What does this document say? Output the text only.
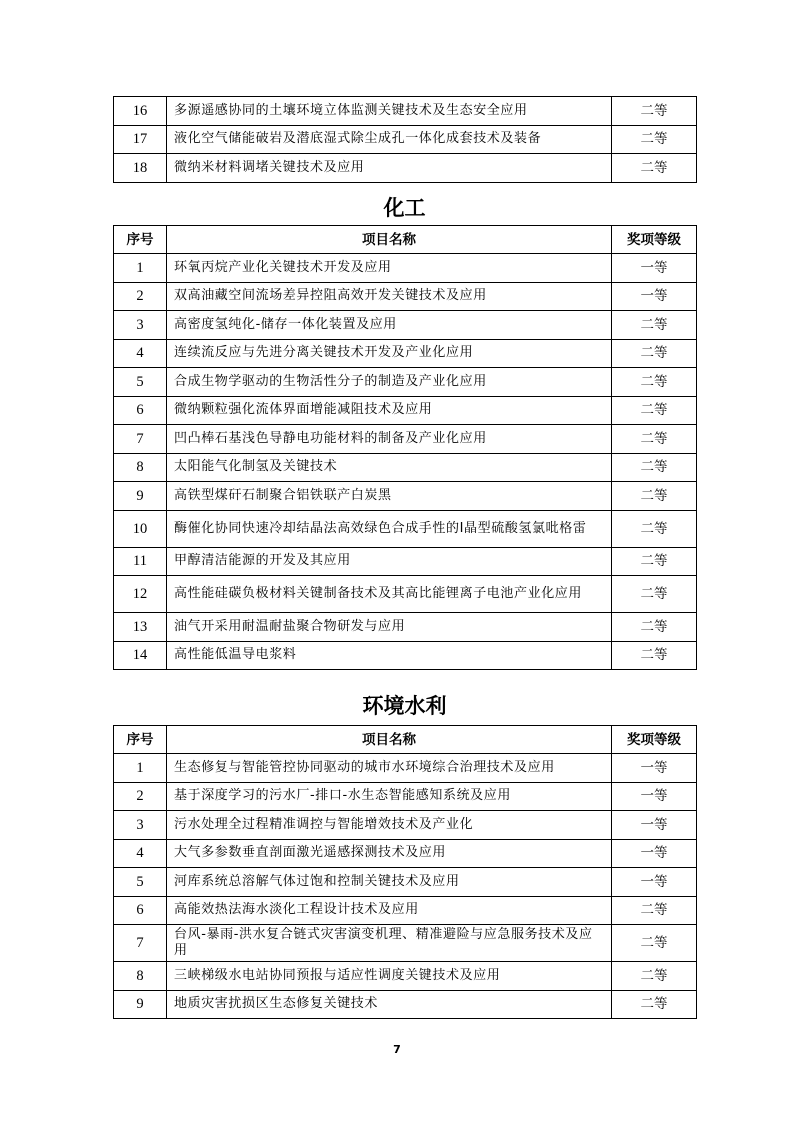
16	多源遥感协同的土壤环境立体监测关键技术及生态安全应用	二等
17	液化空气储能破岩及潜底湿式除尘成孔一体化成套技术及装备	二等
18	微纳米材料调堵关键技术及应用	二等
化工
序号	项目名称	奖项等级
1	环氧丙烷产业化关键技术开发及应用	一等
2	双高油藏空间流场差异控阻高效开发关键技术及应用	一等
3	高密度氢纯化-储存一体化装置及应用	二等
4	连续流反应与先进分离关键技术开发及产业化应用	二等
5	合成生物学驱动的生物活性分子的制造及产业化应用	二等
6	微纳颗粒强化流体界面增能减阻技术及应用	二等
7	凹凸棒石基浅色导静电功能材料的制备及产业化应用	二等
8	太阳能气化制氢及关键技术	二等
9	高铁型煤矸石制聚合铝铁联产白炭黑	二等
10	酶催化协同快速冷却结晶法高效绿色合成手性的Ⅰ晶型硫酸氢氯吡格雷	二等
11	甲醇清洁能源的开发及其应用	二等
12	高性能硅碳负极材料关键制备技术及其高比能锂离子电池产业化应用	二等
13	油气开采用耐温耐盐聚合物研发与应用	二等
14	高性能低温导电浆料	二等
环境水利
序号	项目名称	奖项等级
1	生态修复与智能管控协同驱动的城市水环境综合治理技术及应用	一等
2	基于深度学习的污水厂-排口-水生态智能感知系统及应用	一等
3	污水处理全过程精准调控与智能增效技术及产业化	一等
4	大气多参数垂直剖面激光遥感探测技术及应用	一等
5	河库系统总溶解气体过饱和控制关键技术及应用	一等
6	高能效热法海水淡化工程设计技术及应用	二等
7	台风-暴雨-洪水复合链式灾害演变机理、精准避险与应急服务技术及应用	二等
8	三峡梯级水电站协同预报与适应性调度关键技术及应用	二等
9	地质灾害扰损区生态修复关键技术	二等
7
